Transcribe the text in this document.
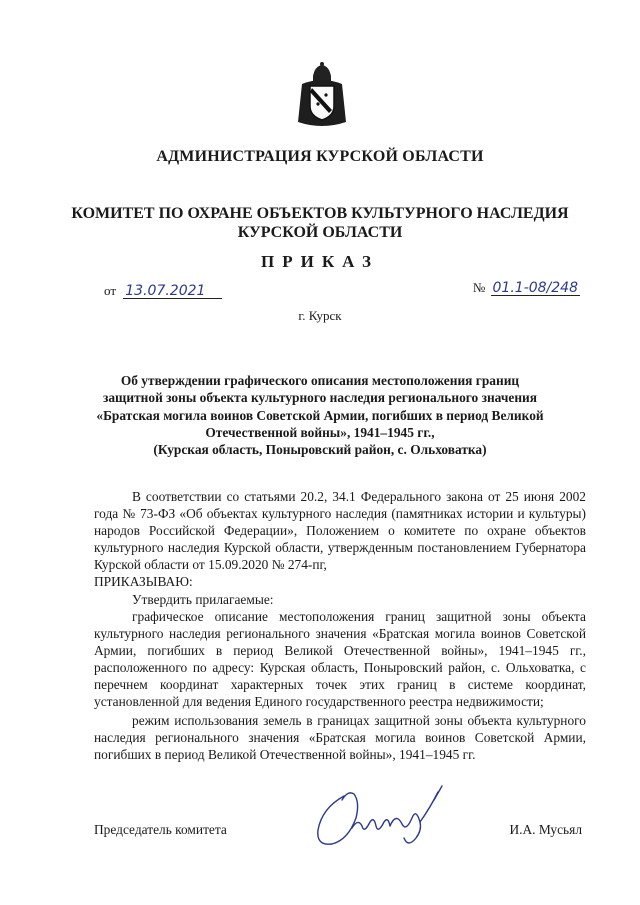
АДМИНИСТРАЦИЯ КУРСКОЙ ОБЛАСТИ
КОМИТЕТ ПО ОХРАНЕ ОБЪЕКТОВ КУЛЬТУРНОГО НАСЛЕДИЯ
КУРСКОЙ ОБЛАСТИ
ПРИКАЗ
от 13.07.2021	№ 01.1-08/248
г. Курск
Об утверждении графического описания местоположения границ
защитной зоны объекта культурного наследия регионального значения
«Братская могила воинов Советской Армии, погибших в период Великой
Отечественной войны», 1941–1945 гг.,
(Курская область, Поныровский район, с. Ольховатка)

В соответствии со статьями 20.2, 34.1 Федерального закона от 25 июня 2002 года № 73-ФЗ «Об объектах культурного наследия (памятниках истории и культуры) народов Российской Федерации», Положением о комитете по охране объектов культурного наследия Курской области, утвержденным постановлением Губернатора Курской области от 15.09.2020 № 274-пг,

ПРИКАЗЫВАЮ:

Утвердить прилагаемые:

графическое описание местоположения границ защитной зоны объекта культурного наследия регионального значения «Братская могила воинов Советской Армии, погибших в период Великой Отечественной войны», 1941–1945 гг., расположенного по адресу: Курская область, Поныровский район, с. Ольховатка, с перечнем координат характерных точек этих границ в системе координат, установленной для ведения Единого государственного реестра недвижимости;

режим использования земель в границах защитной зоны объекта культурного наследия регионального значения «Братская могила воинов Советской Армии, погибших в период Великой Отечественной войны», 1941–1945 гг.

Председатель комитета	И.А. Мусьял
